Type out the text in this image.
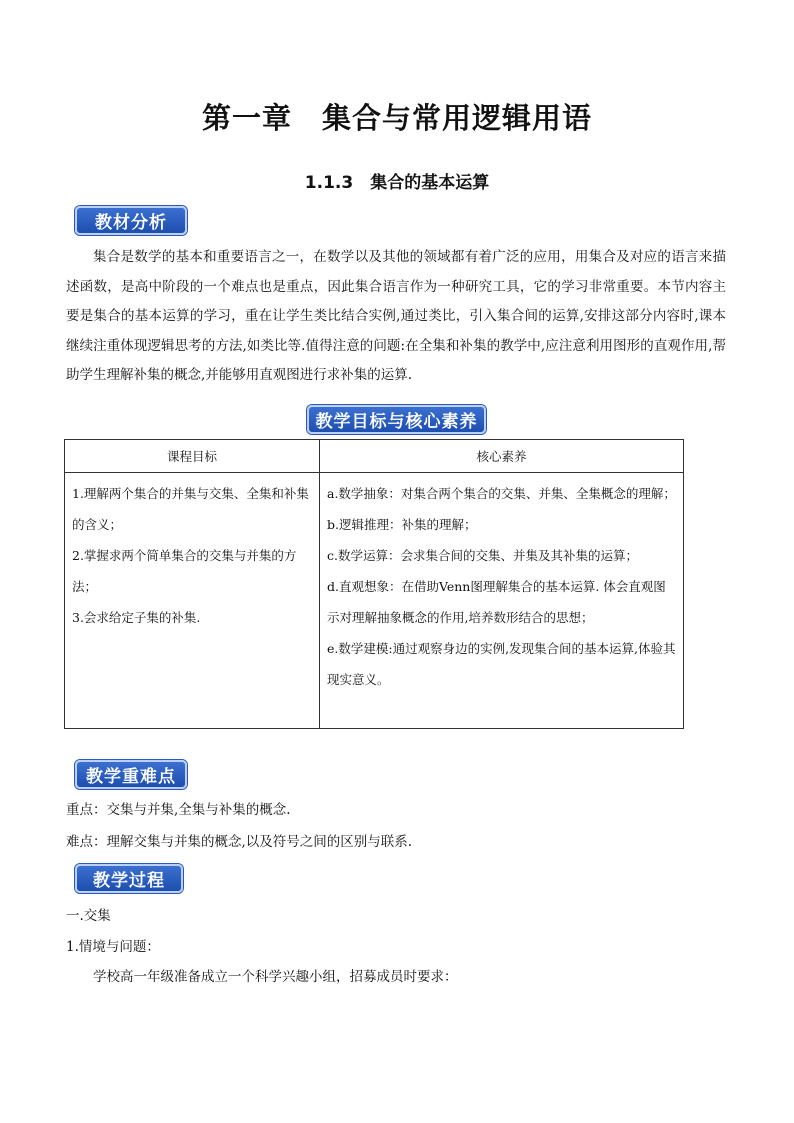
第一章　集合与常用逻辑用语
1.1.3　集合的基本运算
教材分析

集合是数学的基本和重要语言之一，在数学以及其他的领域都有着广泛的应用，用集合及对应的语言来描述函数，是高中阶段的一个难点也是重点，因此集合语言作为一种研究工具，它的学习非常重要。本节内容主要是集合的基本运算的学习，重在让学生类比结合实例,通过类比，引入集合间的运算,安排这部分内容时,课本继续注重体现逻辑思考的方法,如类比等.值得注意的问题:在全集和补集的教学中,应注意利用图形的直观作用,帮助学生理解补集的概念,并能够用直观图进行求补集的运算.

教学目标与核心素养
课程目标	核心素养

1.理解两个集合的并集与交集、全集和补集的含义；
2.掌握求两个简单集合的交集与并集的方法；
3.会求给定子集的补集.	a.数学抽象：对集合两个集合的交集、并集、全集概念的理解；
b.逻辑推理：补集的理解；
c.数学运算：会求集合间的交集、并集及其补集的运算；
d.直观想象：在借助Venn图理解集合的基本运算. 体会直观图示对理解抽象概念的作用,培养数形结合的思想；
e.数学建模:通过观察身边的实例,发现集合间的基本运算,体验其现实意义。
教学重难点

重点：交集与并集,全集与补集的概念.

难点：理解交集与并集的概念,以及符号之间的区别与联系.

教学过程

一.交集

1.情境与问题：

学校高一年级准备成立一个科学兴趣小组，招募成员时要求：
